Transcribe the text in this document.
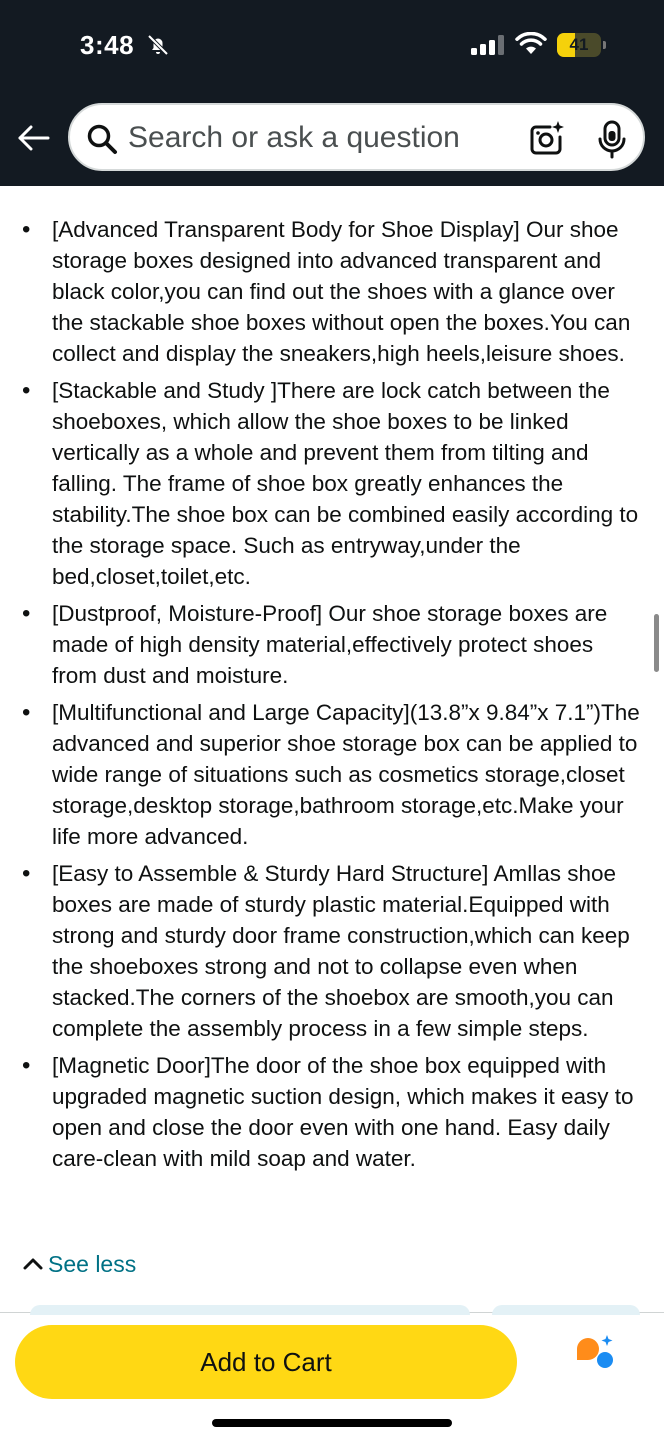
3:48	41
Search or ask a question
• [Advanced Transparent Body for Shoe Display] Our shoe storage boxes designed into advanced transparent and black color,you can find out the shoes with a glance over the stackable shoe boxes without open the boxes.You can collect and display the sneakers,high heels,leisure shoes.
• [Stackable and Study ]There are lock catch between the shoeboxes, which allow the shoe boxes to be linked vertically as a whole and prevent them from tilting and falling. The frame of shoe box greatly enhances the stability.The shoe box can be combined easily according to the storage space. Such as entryway,under the bed,closet,toilet,etc.
• [Dustproof, Moisture-Proof] Our shoe storage boxes are made of high density material,effectively protect shoes from dust and moisture.
• [Multifunctional and Large Capacity](13.8”x 9.84”x 7.1”)The advanced and superior shoe storage box can be applied to wide range of situations such as cosmetics storage,closet storage,desktop storage,bathroom storage,etc.Make your life more advanced.
• [Easy to Assemble & Sturdy Hard Structure] Amllas shoe boxes are made of sturdy plastic material.Equipped with strong and sturdy door frame construction,which can keep the shoeboxes strong and not to collapse even when stacked.The corners of the shoebox are smooth,you can complete the assembly process in a few simple steps.
• [Magnetic Door]The door of the shoe box equipped with upgraded magnetic suction design, which makes it easy to open and close the door even with one hand. Easy daily care-clean with mild soap and water.
See less
Add to Cart
